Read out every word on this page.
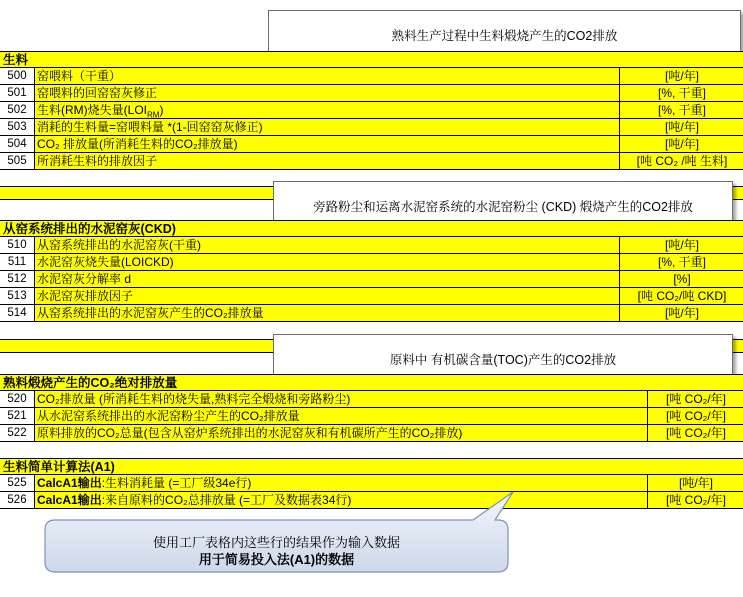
熟料生产过程中生料煅烧产生的CO2排放
生料
500 窑喂料（干重）	[吨/年]
501 窑喂料的回窑窑灰修正	[%, 干重]
502 生料(RM)烧失量$(LOI_{RM})$	[%, 干重]
503 消耗的生料量=窑喂料量 *(1-回窑窑灰修正)	[吨/年]
504 CO₂ 排放量(所消耗生料的CO₂排放量)	[吨/年]
505 所消耗生料的排放因子	[吨 CO₂ /吨 生料]
旁路粉尘和运离水泥窑系统的水泥窑粉尘 (CKD) 煅烧产生的CO2排放
从窑系统排出的水泥窑灰(CKD)
510 从窑系统排出的水泥窑灰(干重)	[吨/年]
511 水泥窑灰烧失量(LOICKD)	[%, 干重]
512 水泥窑灰分解率 d	[%]
513 水泥窑灰排放因子	[吨 CO₂/吨 CKD]
514 从窑系统排出的水泥窑灰产生的CO₂排放量	[吨/年]
原料中 有机碳含量(TOC)产生的CO2排放
熟料煅烧产生的CO₂绝对排放量
520 CO₂排放量 (所消耗生料的烧失量,熟料完全煅烧和旁路粉尘)	[吨 CO₂/年]
521 从水泥窑系统排出的水泥窑粉尘产生的CO₂排放量	[吨 CO₂/年]
522 原料排放的CO₂总量(包含从窑炉系统排出的水泥窑灰和有机碳所产生的CO₂排放)	[吨 CO₂/年]
生料简单计算法(A1)
525 CalcA1输出:生料消耗量 (=工厂级34e行)	[吨/年]
526 CalcA1输出:来自原料的CO₂总排放量 (=工厂及数据表34行)	[吨 CO₂/年]
使用工厂表格内这些行的结果作为输入数据
用于简易投入法(A1)的数据
